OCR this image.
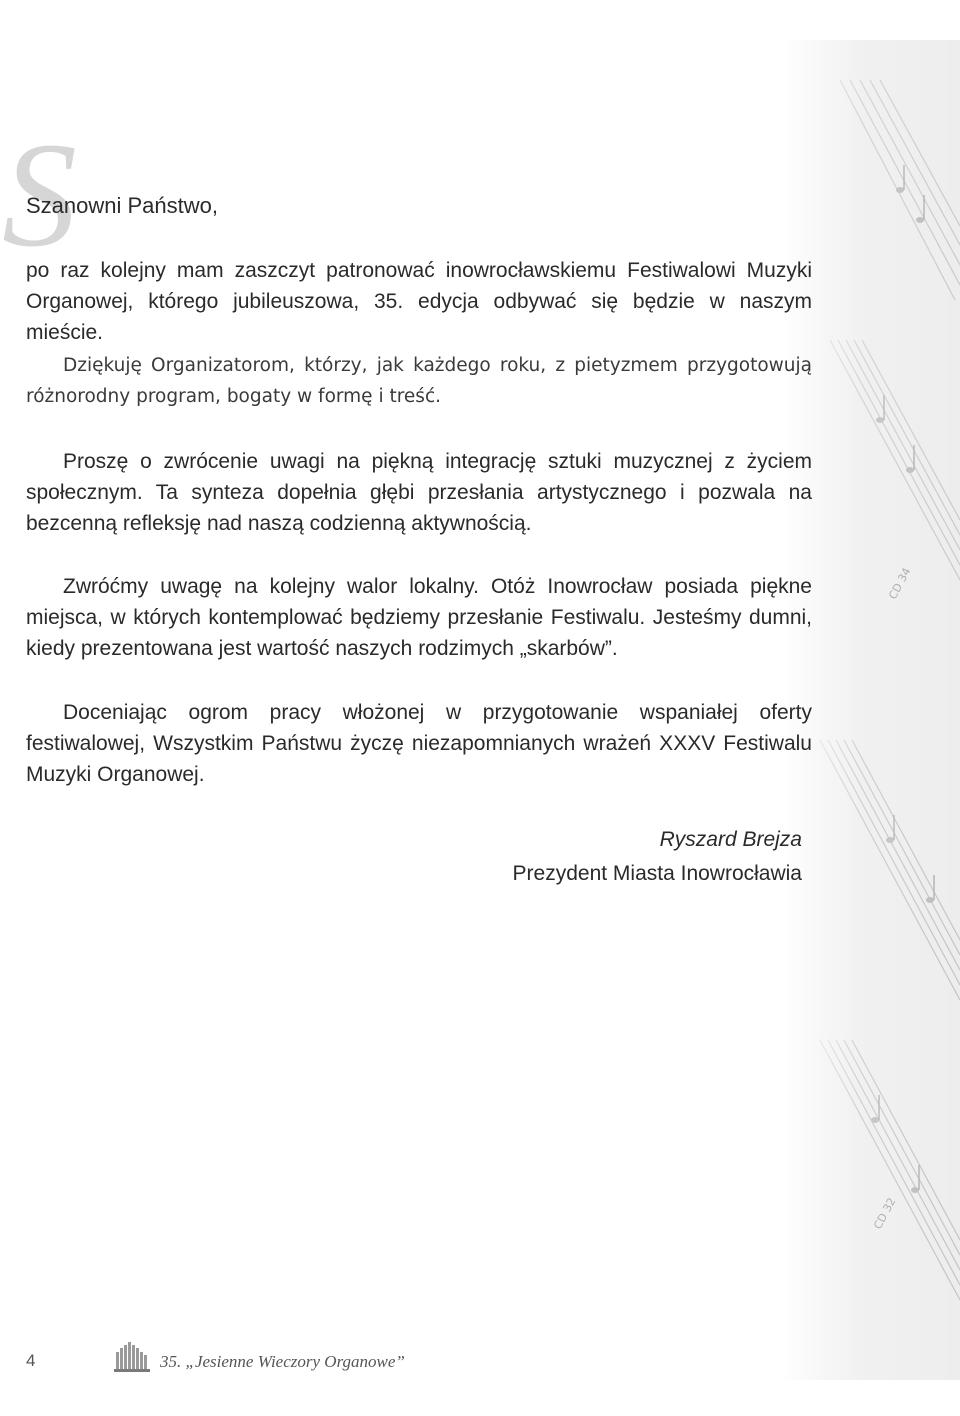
S
Szanowni Państwo,

po raz kolejny mam zaszczyt patronować inowrocławskiemu Festiwalowi Muzyki Organowej, którego jubileuszowa, 35. edycja odbywać się będzie w naszym mieście.

Dziękuję Organizatorom, którzy, jak każdego roku, z pietyzmem przygotowują różnorodny program, bogaty w formę i treść.

Proszę o zwrócenie uwagi na piękną integrację sztuki muzycznej z życiem społecznym. Ta synteza dopełnia głębi przesłania artystycznego i pozwala na bezcenną refleksję nad naszą codzienną aktywnością.

Zwróćmy uwagę na kolejny walor lokalny. Otóż Inowrocław posiada piękne miejsca, w których kontemplować będziemy przesłanie Festiwalu. Jesteśmy dumni, kiedy prezentowana jest wartość naszych rodzimych „skarbów”.

Doceniając ogrom pracy włożonej w przygotowanie wspaniałej oferty festiwalowej, Wszystkim Państwu życzę niezapomnianych wrażeń XXXV Festiwalu Muzyki Organowej.

Ryszard Brejza
Prezydent Miasta Inowrocławia
4	35. „Jesienne Wieczory Organowe”
